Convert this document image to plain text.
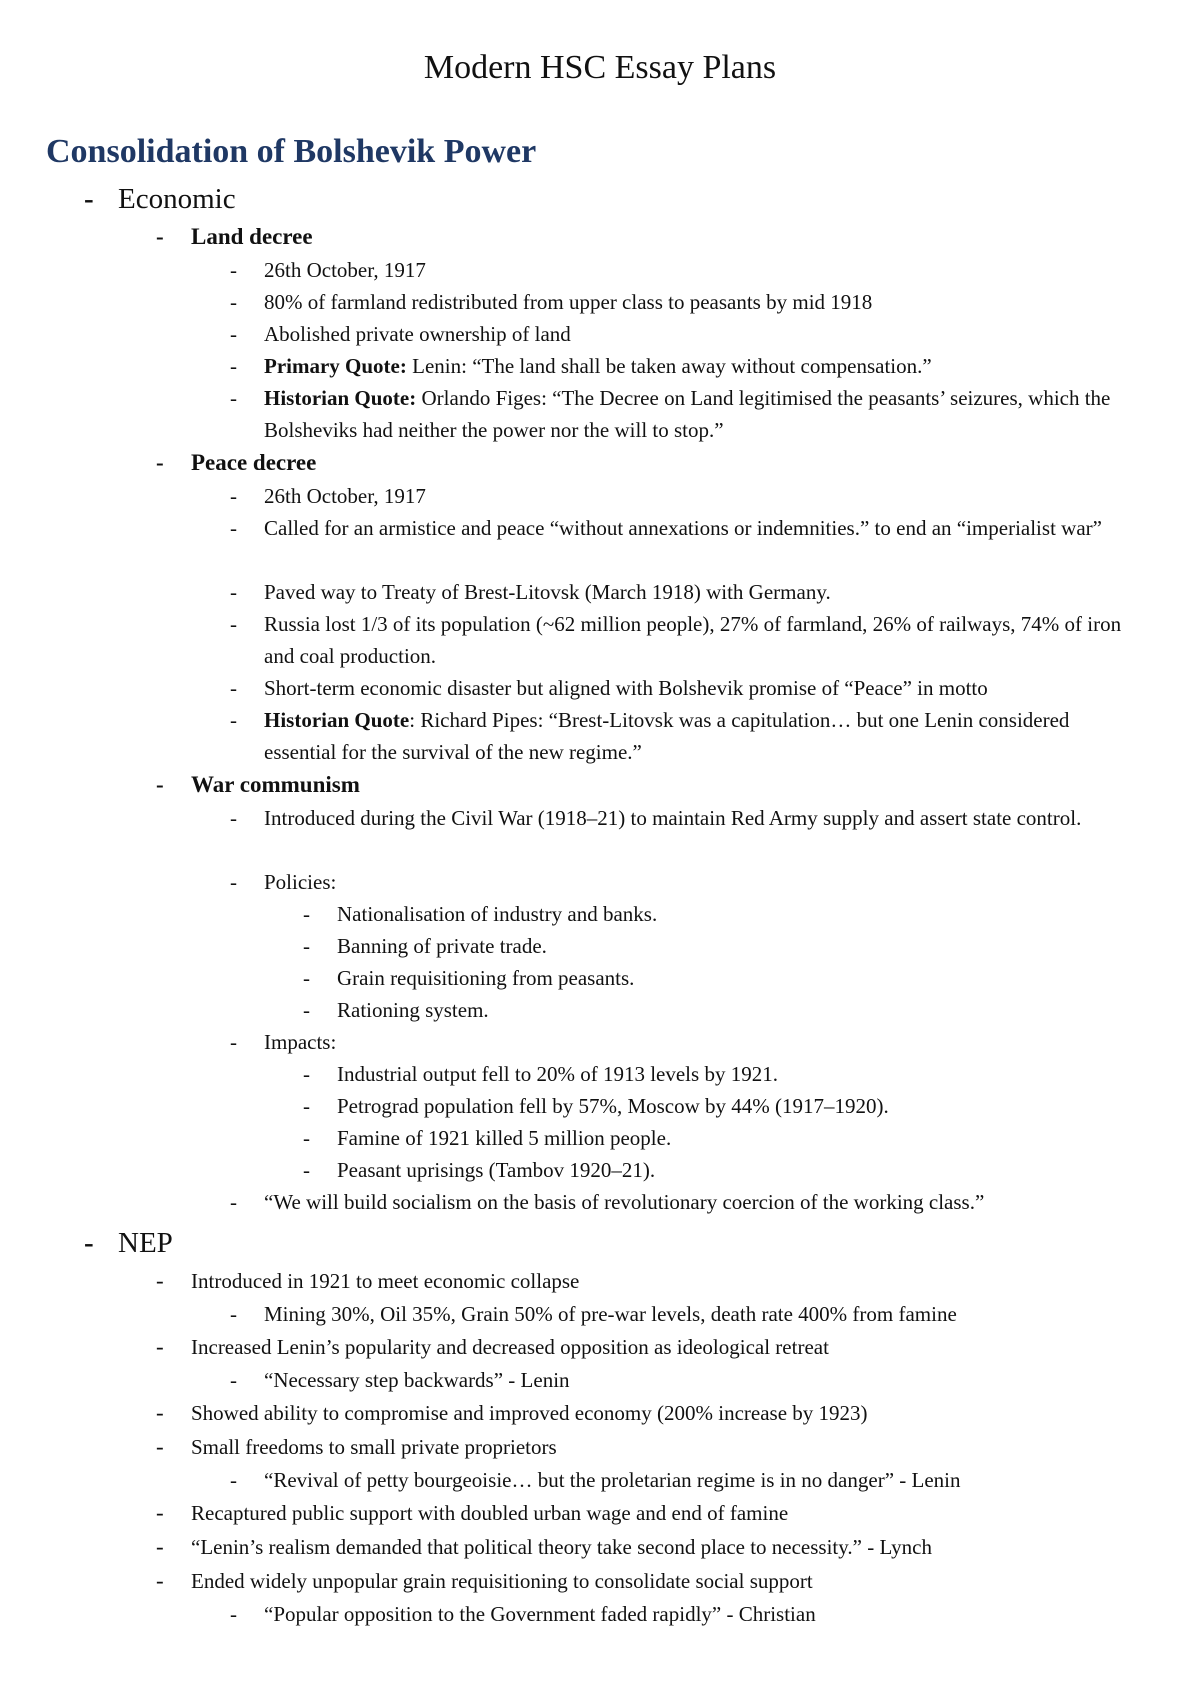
Modern HSC Essay Plans
Consolidation of Bolshevik Power
- Economic
- Land decree
- 26th October, 1917
- 80% of farmland redistributed from upper class to peasants by mid 1918
- Abolished private ownership of land
- Primary Quote: Lenin: “The land shall be taken away without compensation.”
- Historian Quote: Orlando Figes: “The Decree on Land legitimised the peasants’ seizures, which the Bolsheviks had neither the power nor the will to stop.”
- Peace decree
- 26th October, 1917
- Called for an armistice and peace “without annexations or indemnities.” to end an “imperialist war”
- Paved way to Treaty of Brest-Litovsk (March 1918) with Germany.
- Russia lost 1/3 of its population (~62 million people), 27% of farmland, 26% of railways, 74% of iron and coal production.
- Short-term economic disaster but aligned with Bolshevik promise of “Peace” in motto
- Historian Quote: Richard Pipes: “Brest-Litovsk was a capitulation… but one Lenin considered essential for the survival of the new regime.”
- War communism
- Introduced during the Civil War (1918–21) to maintain Red Army supply and assert state control.
- Policies:
- Nationalisation of industry and banks.
- Banning of private trade.
- Grain requisitioning from peasants.
- Rationing system.
- Impacts:
- Industrial output fell to 20% of 1913 levels by 1921.
- Petrograd population fell by 57%, Moscow by 44% (1917–1920).
- Famine of 1921 killed 5 million people.
- Peasant uprisings (Tambov 1920–21).
- “We will build socialism on the basis of revolutionary coercion of the working class.”
- NEP
- Introduced in 1921 to meet economic collapse
- Mining 30%, Oil 35%, Grain 50% of pre-war levels, death rate 400% from famine
- Increased Lenin’s popularity and decreased opposition as ideological retreat
- “Necessary step backwards” - Lenin
- Showed ability to compromise and improved economy (200% increase by 1923)
- Small freedoms to small private proprietors
- “Revival of petty bourgeoisie… but the proletarian regime is in no danger” - Lenin
- Recaptured public support with doubled urban wage and end of famine
- “Lenin’s realism demanded that political theory take second place to necessity.” - Lynch
- Ended widely unpopular grain requisitioning to consolidate social support
- “Popular opposition to the Government faded rapidly” - Christian
